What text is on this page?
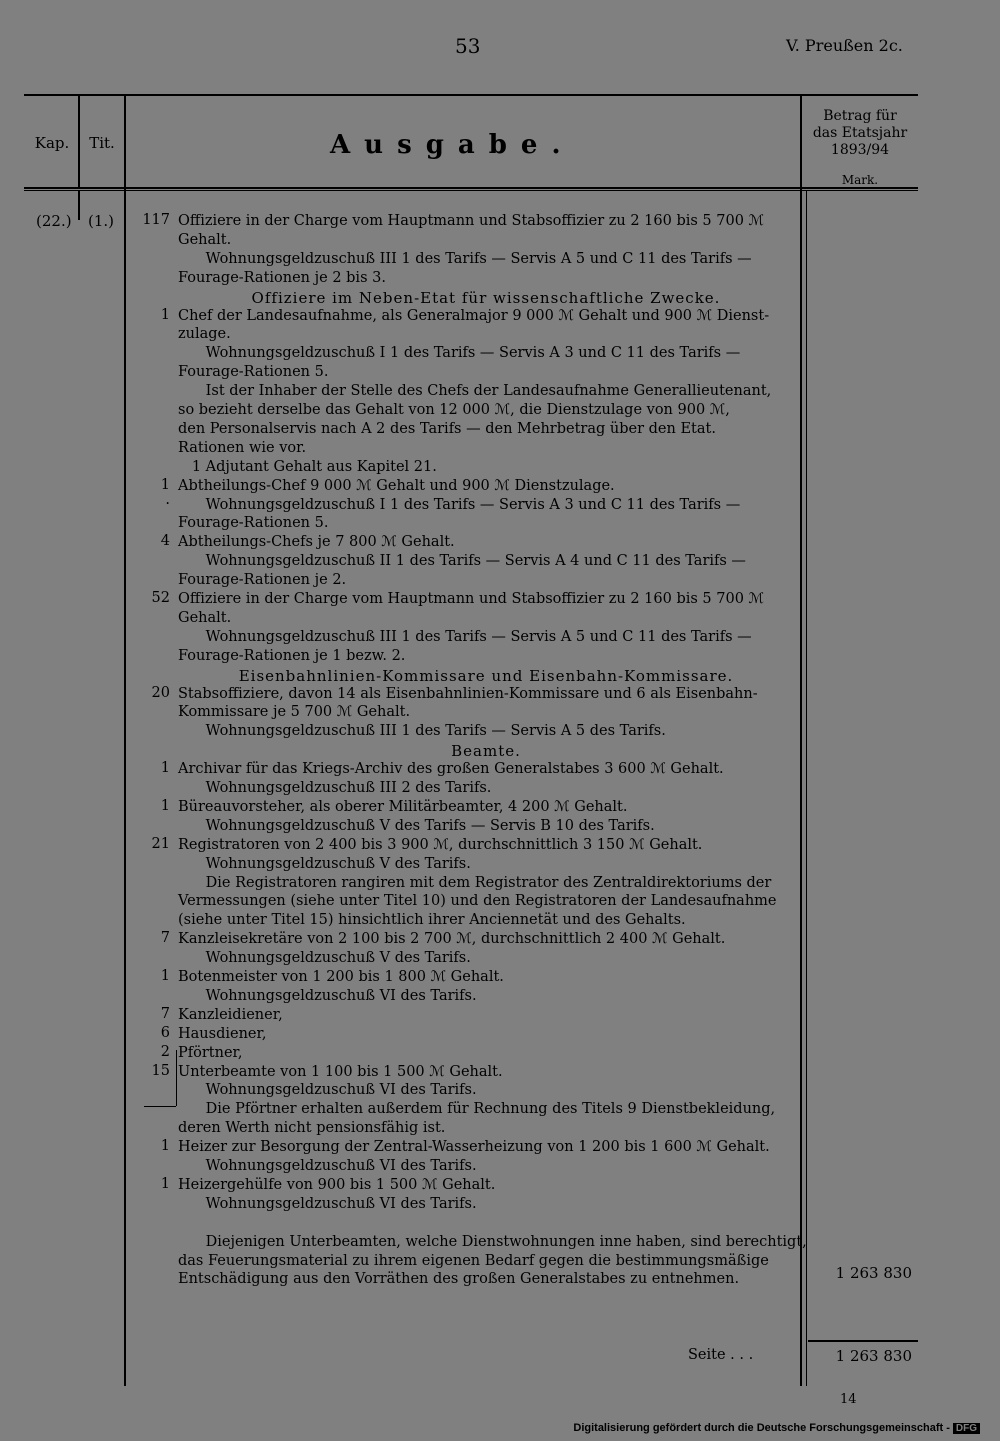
53	V. Preußen 2c.
Kap.	Tit.	Ausgabe.
Betrag für
das Etatsjahr
1893/94
Mark.
(22.) (1.)	117 Offiziere in der Charge vom Hauptmann und Stabsoffizier zu 2 160 bis 5 700 ℳ
Gehalt.
Wohnungsgeldzuschuß III 1 des Tarifs — Servis A 5 und C 11 des Tarifs —
Fourage-Rationen je 2 bis 3.
Offiziere im Neben-Etat für wissenschaftliche Zwecke.
1 Chef der Landesaufnahme, als Generalmajor 9 000 ℳ Gehalt und 900 ℳ Dienst-
zulage.
Wohnungsgeldzuschuß I 1 des Tarifs — Servis A 3 und C 11 des Tarifs —
Fourage-Rationen 5.
Ist der Inhaber der Stelle des Chefs der Landesaufnahme Generallieutenant,
so bezieht derselbe das Gehalt von 12 000 ℳ, die Dienstzulage von 900 ℳ,
den Personalservis nach A 2 des Tarifs — den Mehrbetrag über den Etat.
Rationen wie vor.
1 Adjutant Gehalt aus Kapitel 21.
1 Abtheilungs-Chef 9 000 ℳ Gehalt und 900 ℳ Dienstzulage.
· Wohnungsgeldzuschuß I 1 des Tarifs — Servis A 3 und C 11 des Tarifs —
Fourage-Rationen 5.
4 Abtheilungs-Chefs je 7 800 ℳ Gehalt.
Wohnungsgeldzuschuß II 1 des Tarifs — Servis A 4 und C 11 des Tarifs —
Fourage-Rationen je 2.
52 Offiziere in der Charge vom Hauptmann und Stabsoffizier zu 2 160 bis 5 700 ℳ
Gehalt.
Wohnungsgeldzuschuß III 1 des Tarifs — Servis A 5 und C 11 des Tarifs —
Fourage-Rationen je 1 bezw. 2.
Eisenbahnlinien-Kommissare und Eisenbahn-Kommissare.
20 Stabsoffiziere, davon 14 als Eisenbahnlinien-Kommissare und 6 als Eisenbahn-
Kommissare je 5 700 ℳ Gehalt.
Wohnungsgeldzuschuß III 1 des Tarifs — Servis A 5 des Tarifs.
Beamte.
1 Archivar für das Kriegs-Archiv des großen Generalstabes 3 600 ℳ Gehalt.
Wohnungsgeldzuschuß III 2 des Tarifs.
1 Büreauvorsteher, als oberer Militärbeamter, 4 200 ℳ Gehalt.
Wohnungsgeldzuschuß V des Tarifs — Servis B 10 des Tarifs.
21 Registratoren von 2 400 bis 3 900 ℳ, durchschnittlich 3 150 ℳ Gehalt.
Wohnungsgeldzuschuß V des Tarifs.
Die Registratoren rangiren mit dem Registrator des Zentraldirektoriums der
Vermessungen (siehe unter Titel 10) und den Registratoren der Landesaufnahme
(siehe unter Titel 15) hinsichtlich ihrer Anciennetät und des Gehalts.
7 Kanzleisekretäre von 2 100 bis 2 700 ℳ, durchschnittlich 2 400 ℳ Gehalt.
Wohnungsgeldzuschuß V des Tarifs.
1 Botenmeister von 1 200 bis 1 800 ℳ Gehalt.
Wohnungsgeldzuschuß VI des Tarifs.
7 Kanzleidiener,
6 Hausdiener,
2 Pförtner,
15 Unterbeamte von 1 100 bis 1 500 ℳ Gehalt.
Wohnungsgeldzuschuß VI des Tarifs.
Die Pförtner erhalten außerdem für Rechnung des Titels 9 Dienstbekleidung,
deren Werth nicht pensionsfähig ist.
1 Heizer zur Besorgung der Zentral-Wasserheizung von 1 200 bis 1 600 ℳ Gehalt.
Wohnungsgeldzuschuß VI des Tarifs.
1 Heizergehülfe von 900 bis 1 500 ℳ Gehalt.
Wohnungsgeldzuschuß VI des Tarifs.
Diejenigen Unterbeamten, welche Dienstwohnungen inne haben, sind berechtigt,
das Feuerungsmaterial zu ihrem eigenen Bedarf gegen die bestimmungsmäßige
Entschädigung aus den Vorräthen des großen Generalstabes zu entnehmen.	1 263 830
Seite . . .	1 263 830
14
Digitalisierung gefördert durch die Deutsche Forschungsgemeinschaft - DFG
